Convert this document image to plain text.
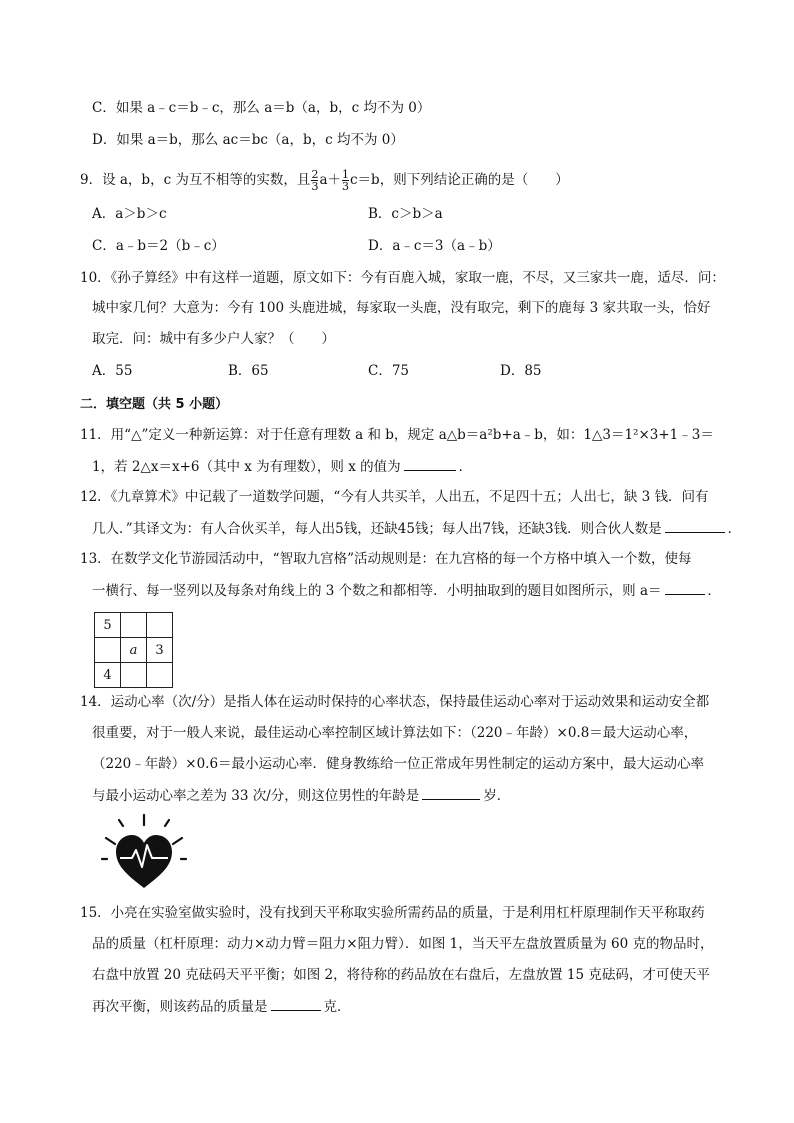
C．如果 a﹣c＝b﹣c，那么 a＝b（a，b，c 均不为 0）
D．如果 a＝b，那么 ac＝bc（a，b，c 均不为 0）
9．设 a，b，c 为互不相等的实数，且 $\frac{2}{3} a+ \frac{1}{3} c=b$，则下列结论正确的是（　　）
A．a＞b＞c	B．c＞b＞a
C．a﹣b＝2（b﹣c）	D．a﹣c＝3（a﹣b）
10．《孙子算经》中有这样一道题，原文如下：今有百鹿入城，家取一鹿，不尽，又三家共一鹿，适尽．问：
城中家几何？大意为：今有 100 头鹿进城，每家取一头鹿，没有取完，剩下的鹿每 3 家共取一头，恰好
取完．问：城中有多少户人家？（　　）
A．55	B．65	C．75	D．85
二．填空题（共 5 小题）
11．用“△”定义一种新运算：对于任意有理数 a 和 b，规定 a△b＝a²b+a﹣b，如：1△3＝1²×3+1﹣3＝
1，若 2△x＝x+6（其中 x 为有理数），则 x 的值为	．
12．《九章算术》中记载了一道数学问题，“今有人共买羊，人出五，不足四十五；人出七，缺 3 钱．问有
几人．”其译文为：有人合伙买羊，每人出5钱，还缺45钱；每人出7钱，还缺3钱．则合伙人数是	．
13．在数学文化节游园活动中，“智取九宫格”活动规则是：在九宫格的每一个方格中填入一个数，使每
一横行、每一竖列以及每条对角线上的 3 个数之和都相等．小明抽取到的题目如图所示，则 a＝	．
5		
	a	3
4		
14．运动心率（次/分）是指人体在运动时保持的心率状态，保持最佳运动心率对于运动效果和运动安全都
很重要，对于一般人来说，最佳运动心率控制区域计算法如下：（220﹣年龄）×0.8＝最大运动心率，
（220﹣年龄）×0.6＝最小运动心率．健身教练给一位正常成年男性制定的运动方案中，最大运动心率
与最小运动心率之差为 33 次/分，则这位男性的年龄是	岁．
15．小亮在实验室做实验时，没有找到天平称取实验所需药品的质量，于是利用杠杆原理制作天平称取药
品的质量（杠杆原理：动力×动力臂＝阻力×阻力臂）．如图 1，当天平左盘放置质量为 60 克的物品时，
右盘中放置 20 克砝码天平平衡；如图 2，将待称的药品放在右盘后，左盘放置 15 克砝码，才可使天平
再次平衡，则该药品的质量是	克．
